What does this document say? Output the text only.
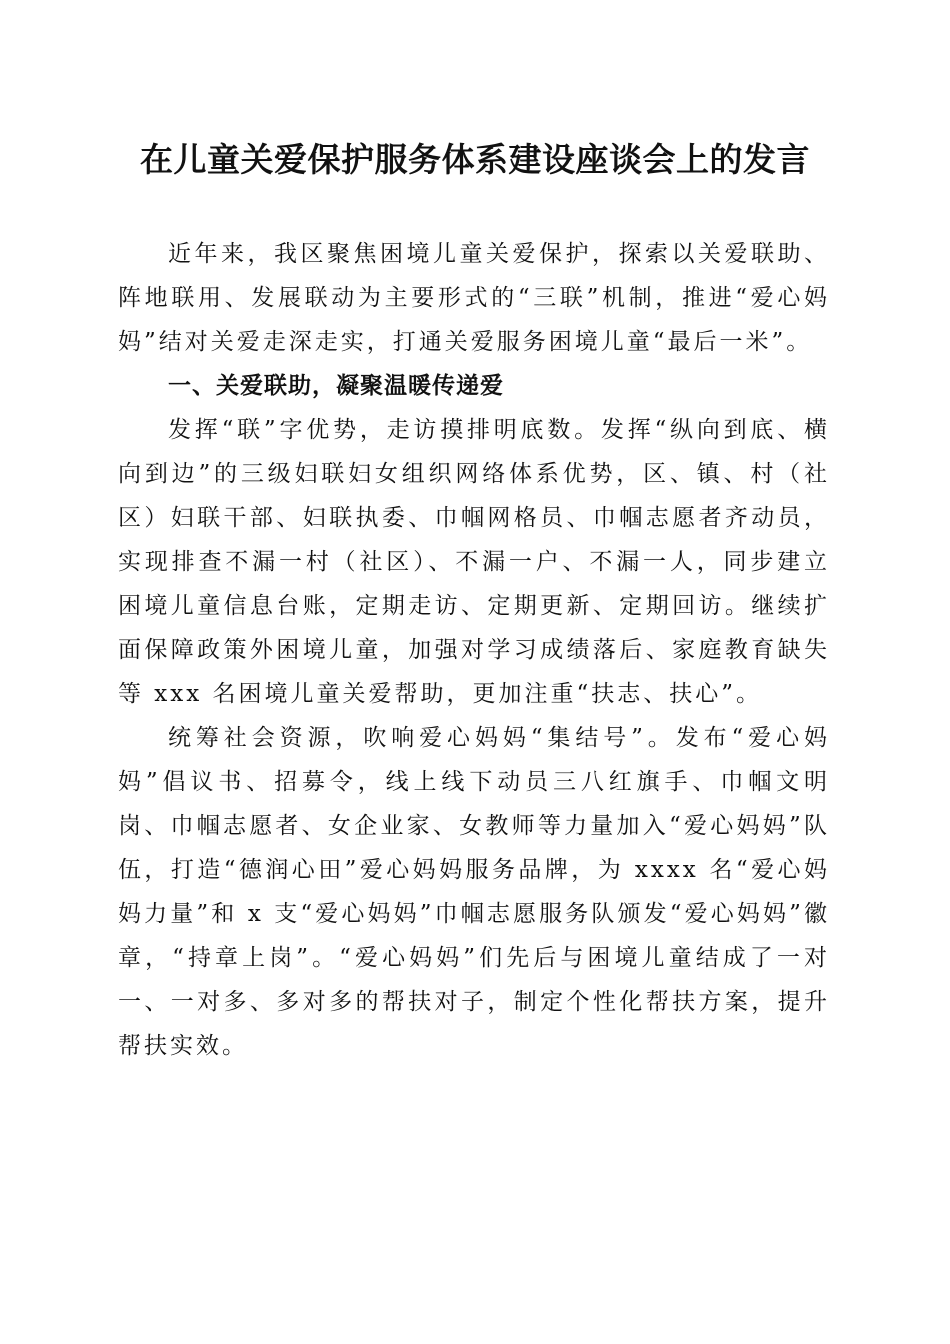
在儿童关爱保护服务体系建设座谈会上的发言

近年来，我区聚焦困境儿童关爱保护，探索以关爱联助、阵地联用、发展联动为主要形式的“三联”机制，推进“爱心妈妈”结对关爱走深走实，打通关爱服务困境儿童“最后一米”。

一、关爱联助，凝聚温暖传递爱

发挥“联”字优势，走访摸排明底数。发挥“纵向到底、横向到边”的三级妇联妇女组织网络体系优势，区、镇、村（社区）妇联干部、妇联执委、巾帼网格员、巾帼志愿者齐动员，实现排查不漏一村（社区）、不漏一户、不漏一人，同步建立困境儿童信息台账，定期走访、定期更新、定期回访。继续扩面保障政策外困境儿童，加强对学习成绩落后、家庭教育缺失等 xxx 名困境儿童关爱帮助，更加注重“扶志、扶心”。

统筹社会资源，吹响爱心妈妈“集结号”。发布“爱心妈妈”倡议书、招募令，线上线下动员三八红旗手、巾帼文明岗、巾帼志愿者、女企业家、女教师等力量加入“爱心妈妈”队伍，打造“德润心田”爱心妈妈服务品牌，为 xxxx 名“爱心妈妈力量”和 x 支“爱心妈妈”巾帼志愿服务队颁发“爱心妈妈”徽章，“持章上岗”。“爱心妈妈”们先后与困境儿童结成了一对一、一对多、多对多的帮扶对子，制定个性化帮扶方案，提升帮扶实效。
